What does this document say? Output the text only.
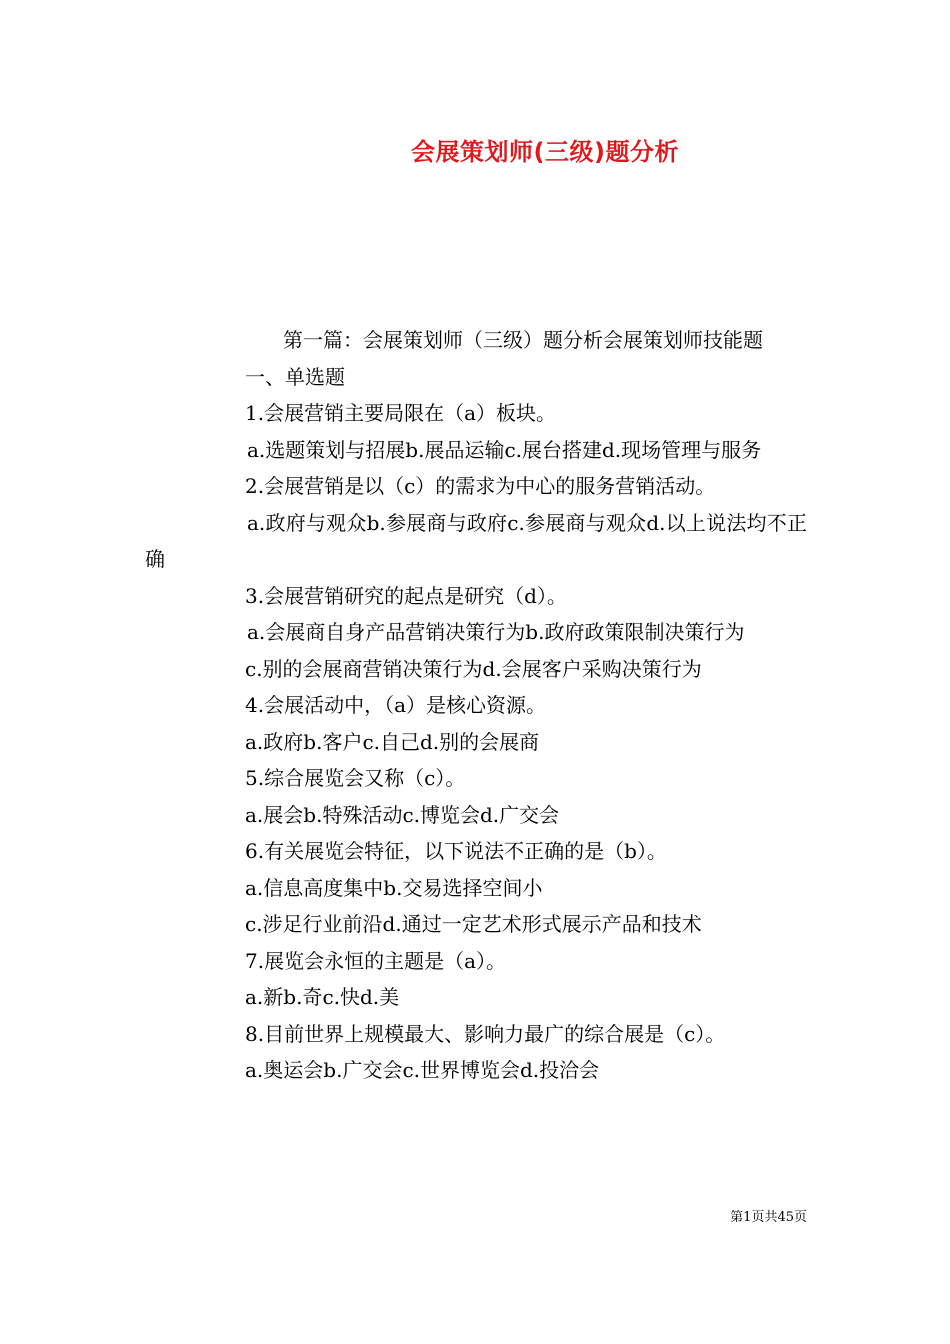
会展策划师(三级)题分析

第一篇：会展策划师（三级）题分析会展策划师技能题

一、单选题

1.会展营销主要局限在（a）板块。

a.选题策划与招展b.展品运输c.展台搭建d.现场管理与服务

2.会展营销是以（c）的需求为中心的服务营销活动。

a.政府与观众b.参展商与政府c.参展商与观众d.以上说法均不正确

3.会展营销研究的起点是研究（d）。

a.会展商自身产品营销决策行为b.政府政策限制决策行为

c.别的会展商营销决策行为d.会展客户采购决策行为

4.会展活动中，（a）是核心资源。

a.政府b.客户c.自己d.别的会展商

5.综合展览会又称（c）。

a.展会b.特殊活动c.博览会d.广交会

6.有关展览会特征，以下说法不正确的是（b）。

a.信息高度集中b.交易选择空间小

c.涉足行业前沿d.通过一定艺术形式展示产品和技术

7.展览会永恒的主题是（a）。

a.新b.奇c.快d.美

8.目前世界上规模最大、影响力最广的综合展是（c）。

a.奥运会b.广交会c.世界博览会d.投洽会

第1页共45页
